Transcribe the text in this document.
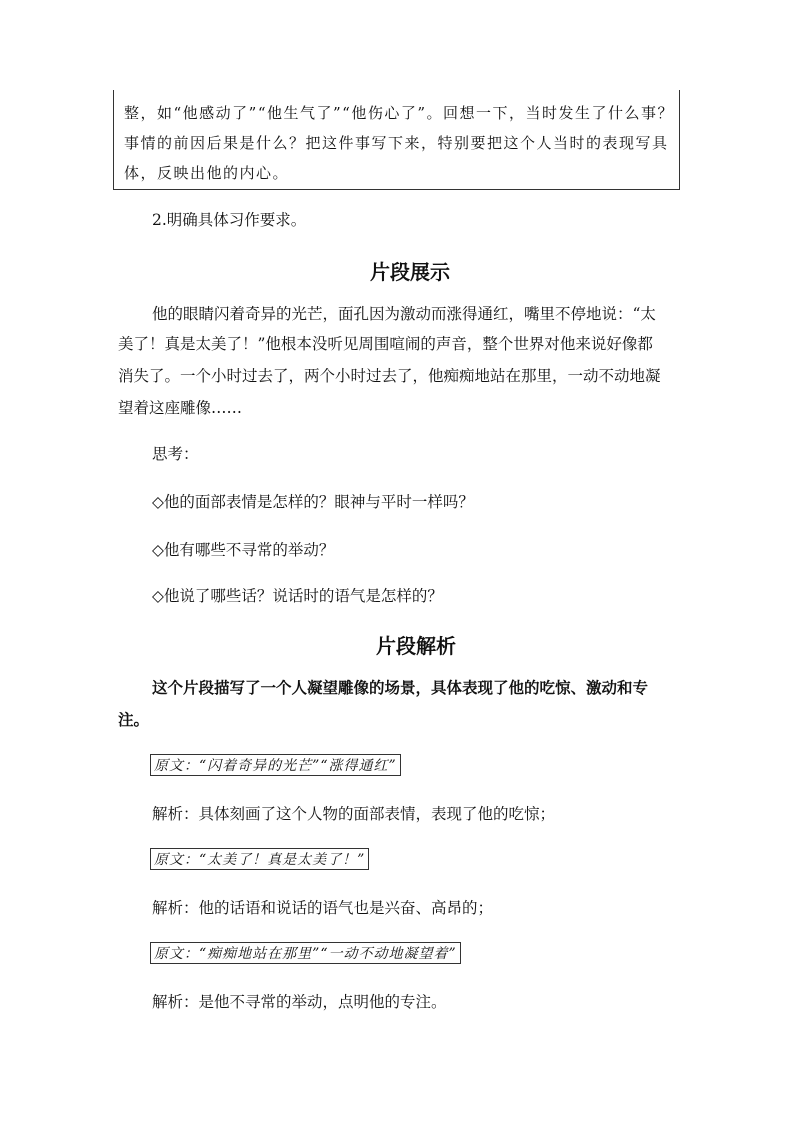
整，如“他感动了”“他生气了”“他伤心了”。回想一下，当时发生了什么事？
事情的前因后果是什么？把这件事写下来，特别要把这个人当时的表现写具
体，反映出他的内心。
2.明确具体习作要求。
片段展示
他的眼睛闪着奇异的光芒，面孔因为激动而涨得通红，嘴里不停地说：“太
美了！真是太美了！”他根本没听见周围喧闹的声音，整个世界对他来说好像都
消失了。一个小时过去了，两个小时过去了，他痴痴地站在那里，一动不动地凝
望着这座雕像……
思考：
◇他的面部表情是怎样的？眼神与平时一样吗？
◇他有哪些不寻常的举动？
◇他说了哪些话？说话时的语气是怎样的？
片段解析
这个片段描写了一个人凝望雕像的场景，具体表现了他的吃惊、激动和专
注。
原文：“闪着奇异的光芒”“涨得通红”
解析：具体刻画了这个人物的面部表情，表现了他的吃惊；
原文：“太美了！真是太美了！”
解析：他的话语和说话的语气也是兴奋、高昂的；
原文：“痴痴地站在那里”“一动不动地凝望着”
解析：是他不寻常的举动，点明他的专注。
